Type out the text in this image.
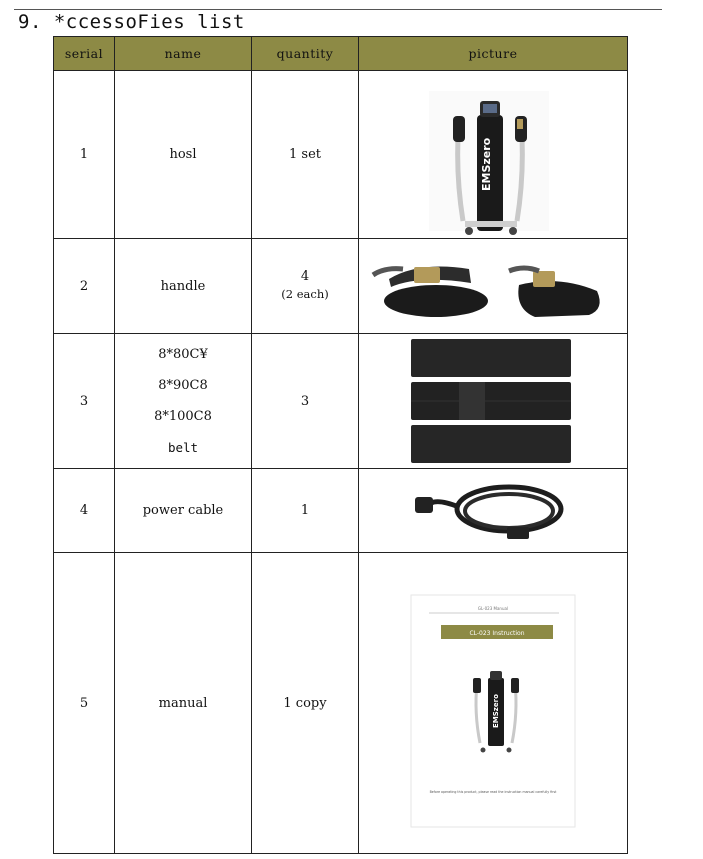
9. *ccessoFies list
serial	name	quantity	picture
1	hosl	1 set	EMSzero

2	handle	4
(2 each)

3	8*80C¥
8*90C8
8*100C8
belt	3	

4	power cable	1	

5	manual	1 copy	GL-023 Manual
CL-023 Instruction
EMSzero
Before operating this product, please read the instruction manual carefully first
